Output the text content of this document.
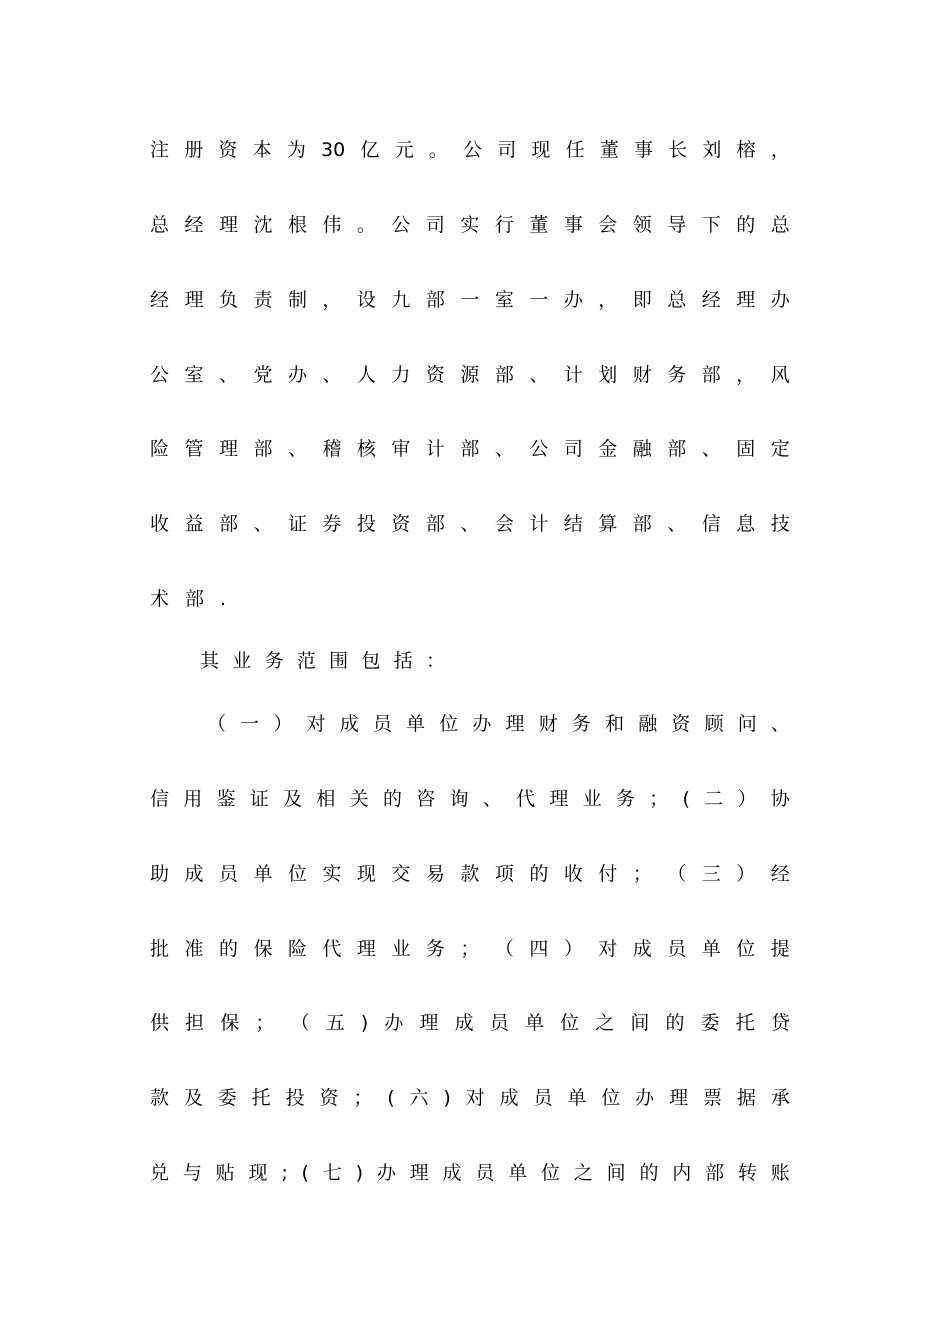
注 册 资 本 为 30 亿 元 。 公 司 现 任 董 事 长 刘 榕 ，
总 经 理 沈 根 伟 。 公 司 实 行 董 事 会 领 导 下 的 总
经 理 负 责 制 ， 设 九 部 一 室 一 办 ， 即 总 经 理 办
公 室 、 党 办 、 人 力 资 源 部 、 计 划 财 务 部 ， 风
险 管 理 部 、 稽 核 审 计 部 、 公 司 金 融 部 、 固 定
收 益 部 、 证 券 投 资 部 、 会 计 结 算 部 、 信 息 技
术 部 .
其 业 务 范 围 包 括 ：
（ 一 ） 对 成 员 单 位 办 理 财 务 和 融 资 顾 问 、
信 用 鉴 证 及 相 关 的 咨 询 、 代 理 业 务 ； ( 二 ） 协
助 成 员 单 位 实 现 交 易 款 项 的 收 付 ； （ 三 ） 经
批 准 的 保 险 代 理 业 务 ； （ 四 ） 对 成 员 单 位 提
供 担 保 ； （ 五 ) 办 理 成 员 单 位 之 间 的 委 托 贷
款 及 委 托 投 资 ； ( 六 ) 对 成 员 单 位 办 理 票 据 承
兑 与 贴 现 ; ( 七 ) 办 理 成 员 单 位 之 间 的 内 部 转 账
